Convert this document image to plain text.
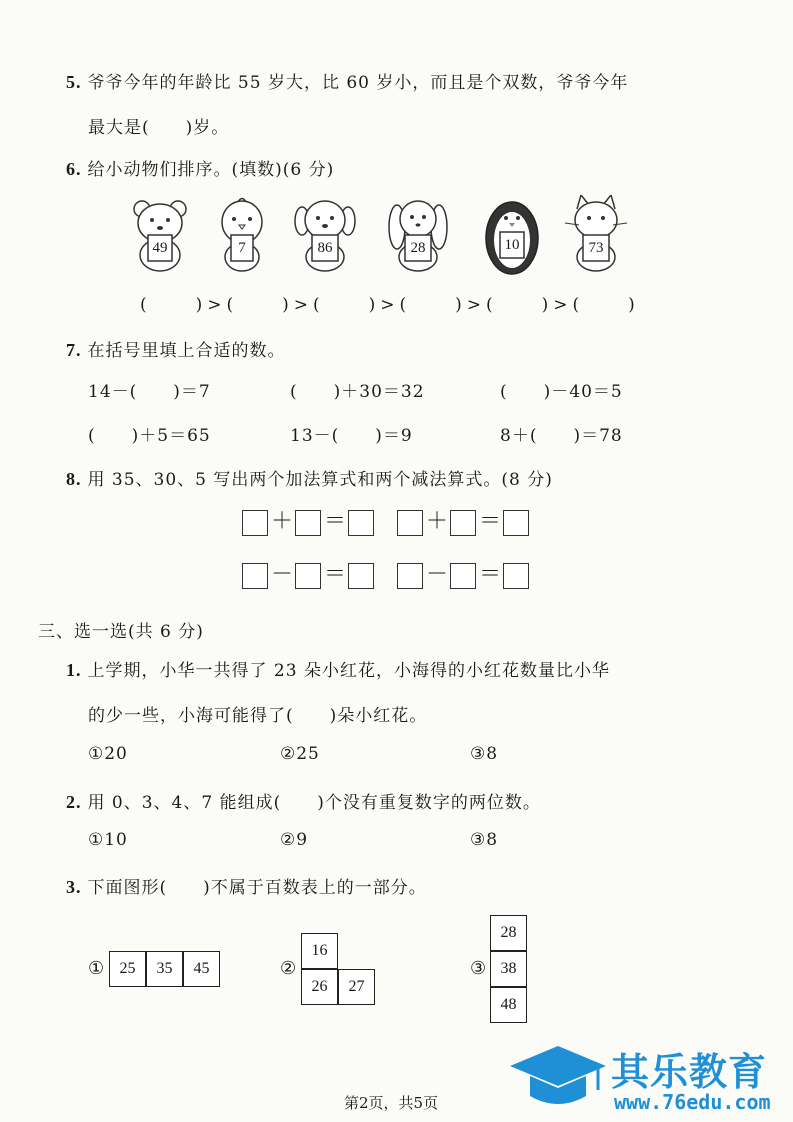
5. 爷爷今年的年龄比 55 岁大，比 60 岁小，而且是个双数，爷爷今年
最大是(　　)岁。
6. 给小动物们排序。(填数)(6 分)
49	7	86	28	10	73
(　　)>(　　)>(　　)>(　　)>(　　)>(　　)
7. 在括号里填上合适的数。
14－(　　)＝7	(　　)＋30＝32	(　　)－40＝5
(　　)＋5＝65	13－(　　)＝9	8＋(　　)＝78
8. 用 35、30、5 写出两个加法算式和两个减法算式。(8 分)
＋ ＝	＋ ＝
－ ＝	－ ＝
三、选一选(共 6 分)
1. 上学期，小华一共得了 23 朵小红花，小海得的小红花数量比小华
的少一些，小海可能得了(　　)朵小红花。
①20	②25	③8
2. 用 0、3、4、7 能组成(　　)个没有重复数字的两位数。
①10	②9	③8
3. 下面图形(　　)不属于百数表上的一部分。
① 25	35	45	②
16
26	27
③
28
38
48
其乐教育
www.76edu.com
第2页，共5页
